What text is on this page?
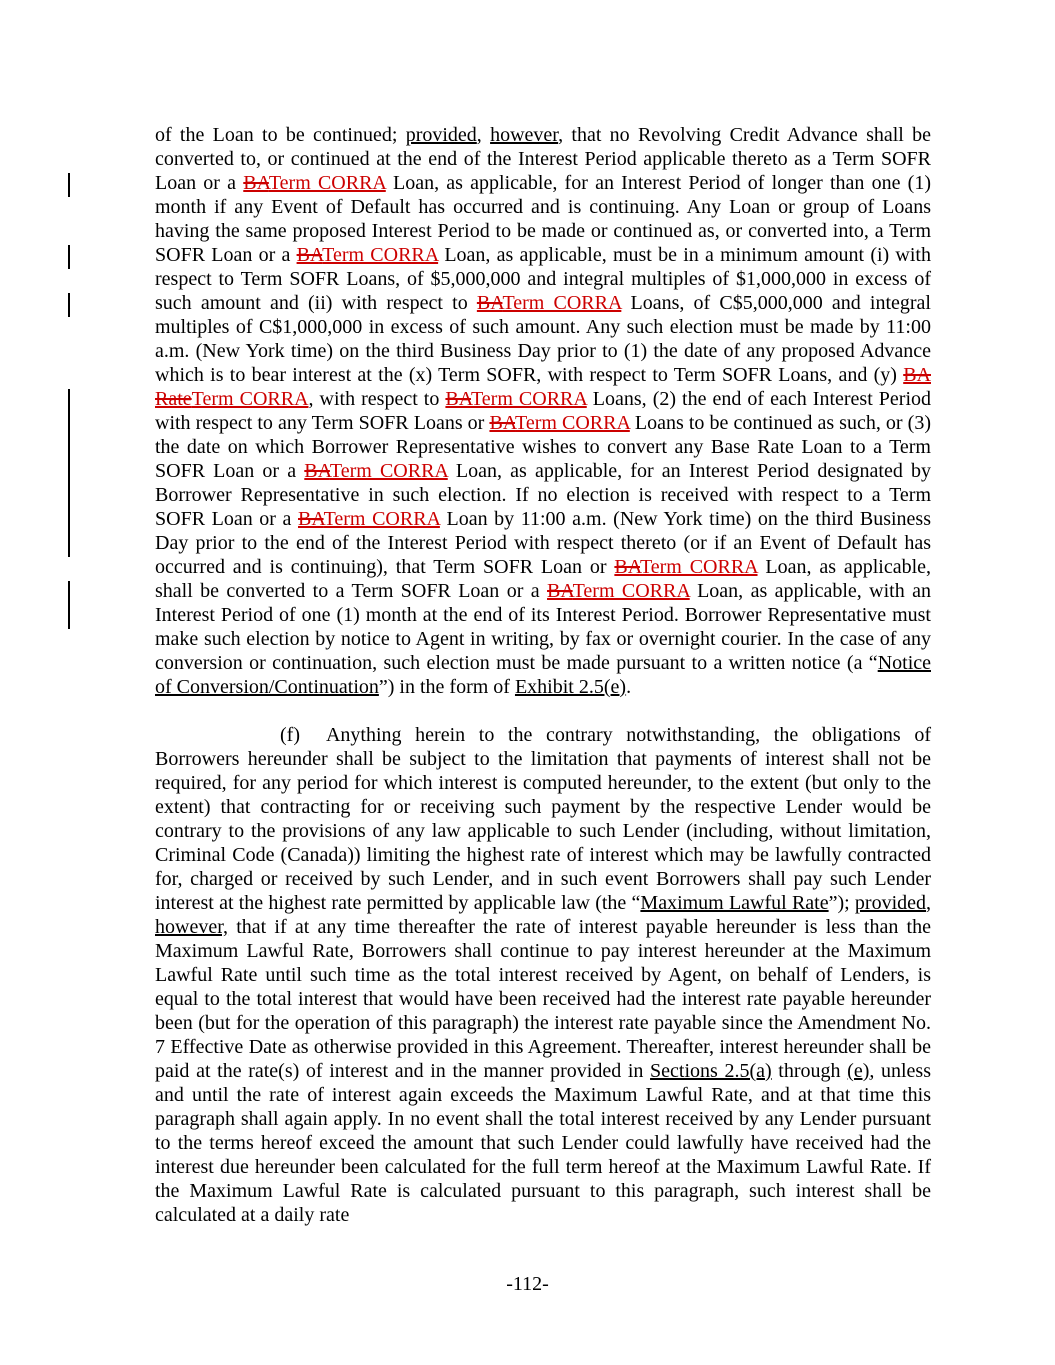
of the Loan to be continued; provided, however, that no Revolving Credit Advance shall be converted to, or continued at the end of the Interest Period applicable thereto as a Term SOFR Loan or a BATerm CORRA Loan, as applicable, for an Interest Period of longer than one (1) month if any Event of Default has occurred and is continuing. Any Loan or group of Loans having the same proposed Interest Period to be made or continued as, or converted into, a Term SOFR Loan or a BATerm CORRA Loan, as applicable, must be in a minimum amount (i) with respect to Term SOFR Loans, of $5,000,000 and integral multiples of $1,000,000 in excess of such amount and (ii) with respect to BATerm CORRA Loans, of C$5,000,000 and integral multiples of C$1,000,000 in excess of such amount. Any such election must be made by 11:00 a.m. (New York time) on the third Business Day prior to (1) the date of any proposed Advance which is to bear interest at the (x) Term SOFR, with respect to Term SOFR Loans, and (y) BA RateTerm CORRA, with respect to BATerm CORRA Loans, (2) the end of each Interest Period with respect to any Term SOFR Loans or BATerm CORRA Loans to be continued as such, or (3) the date on which Borrower Representative wishes to convert any Base Rate Loan to a Term SOFR Loan or a BATerm CORRA Loan, as applicable, for an Interest Period designated by Borrower Representative in such election. If no election is received with respect to a Term SOFR Loan or a BATerm CORRA Loan by 11:00 a.m. (New York time) on the third Business Day prior to the end of the Interest Period with respect thereto (or if an Event of Default has occurred and is continuing), that Term SOFR Loan or BATerm CORRA Loan, as applicable, shall be converted to a Term SOFR Loan or a BATerm CORRA Loan, as applicable, with an Interest Period of one (1) month at the end of its Interest Period. Borrower Representative must make such election by notice to Agent in writing, by fax or overnight courier. In the case of any conversion or continuation, such election must be made pursuant to a written notice (a “Notice of Conversion/Continuation”) in the form of Exhibit 2.5(e).

(f) Anything herein to the contrary notwithstanding, the obligations of Borrowers hereunder shall be subject to the limitation that payments of interest shall not be required, for any period for which interest is computed hereunder, to the extent (but only to the extent) that contracting for or receiving such payment by the respective Lender would be contrary to the provisions of any law applicable to such Lender (including, without limitation, Criminal Code (Canada)) limiting the highest rate of interest which may be lawfully contracted for, charged or received by such Lender, and in such event Borrowers shall pay such Lender interest at the highest rate permitted by applicable law (the “Maximum Lawful Rate”); provided, however, that if at any time thereafter the rate of interest payable hereunder is less than the Maximum Lawful Rate, Borrowers shall continue to pay interest hereunder at the Maximum Lawful Rate until such time as the total interest received by Agent, on behalf of Lenders, is equal to the total interest that would have been received had the interest rate payable hereunder been (but for the operation of this paragraph) the interest rate payable since the Amendment No. 7 Effective Date as otherwise provided in this Agreement. Thereafter, interest hereunder shall be paid at the rate(s) of interest and in the manner provided in Sections 2.5(a) through (e), unless and until the rate of interest again exceeds the Maximum Lawful Rate, and at that time this paragraph shall again apply. In no event shall the total interest received by any Lender pursuant to the terms hereof exceed the amount that such Lender could lawfully have received had the interest due hereunder been calculated for the full term hereof at the Maximum Lawful Rate. If the Maximum Lawful Rate is calculated pursuant to this paragraph, such interest shall be calculated at a daily rate

-112-
